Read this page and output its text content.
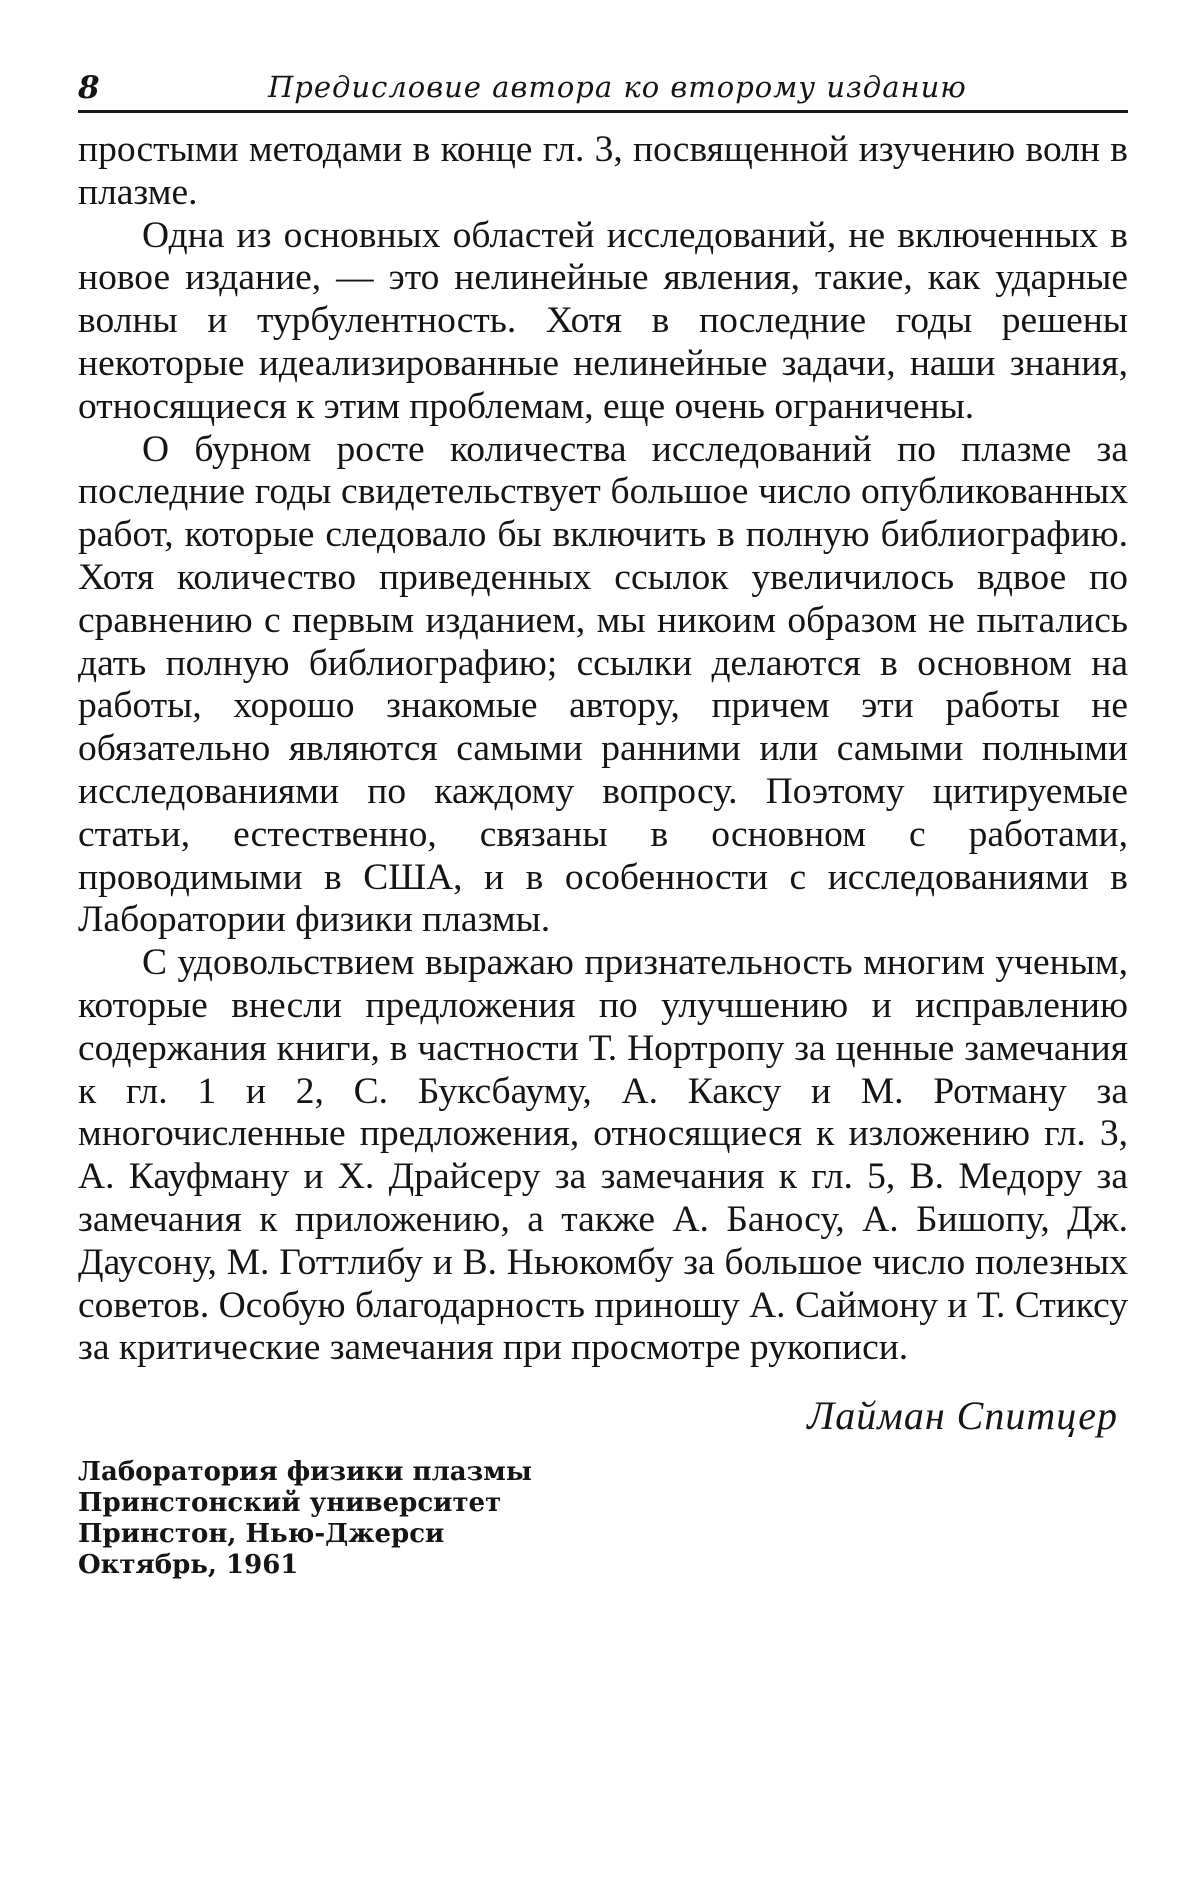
8	Предисловие автора ко второму изданию

простыми методами в конце гл. 3, посвященной изучению волн в плазме.

Одна из основных областей исследований, не включенных в новое издание, — это нелинейные явления, такие, как ударные волны и турбулентность. Хотя в последние годы решены некоторые идеализированные нелинейные задачи, наши знания, относящиеся к этим проблемам, еще очень ограничены.

О бурном росте количества исследований по плазме за последние годы свидетельствует большое число опубликованных работ, которые следовало бы включить в полную библиографию. Хотя количество приведенных ссылок увеличилось вдвое по сравнению с первым изданием, мы никоим образом не пытались дать полную библиографию; ссылки делаются в основном на работы, хорошо знакомые автору, причем эти работы не обязательно являются самыми ранними или самыми полными исследованиями по каждому вопросу. Поэтому цитируемые статьи, естественно, связаны в основном с работами, проводимыми в США, и в особенности с исследованиями в Лаборатории физики плазмы.

С удовольствием выражаю признательность многим ученым, которые внесли предложения по улучшению и исправлению содержания книги, в частности Т. Нортропу за ценные замечания к гл. 1 и 2, С. Буксбауму, А. Каксу и М. Ротману за многочисленные предложения, относящиеся к изложению гл. 3, А. Кауфману и X. Драйсеру за замечания к гл. 5, В. Медору за замечания к приложению, а также А. Баносу, А. Бишопу, Дж. Даусону, М. Готтлибу и В. Ньюкомбу за большое число полезных советов. Особую благодарность приношу А. Саймону и Т. Стиксу за критические замечания при просмотре рукописи.

Лайман Спитцер
Лаборатория физики плазмы
Принстонский университет
Принстон, Нью-Джерси
Октябрь, 1961
